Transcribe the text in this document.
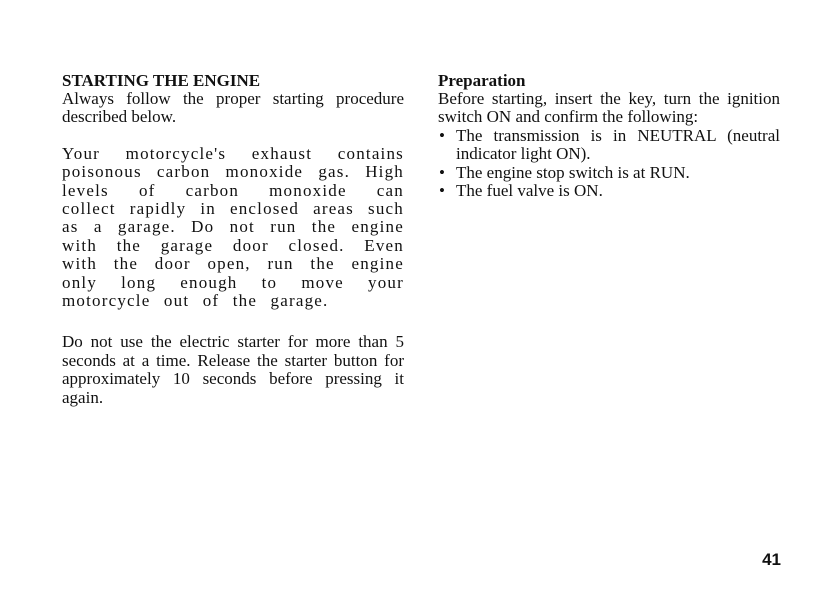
STARTING THE ENGINE

Always follow the proper starting procedure described below.

Your motorcycle's exhaust contains poisonous carbon monoxide gas. High levels of carbon monoxide can collect rapidly in enclosed areas such as a garage. Do not run the engine with the garage door closed. Even with the door open, run the engine only long enough to move your motorcycle out of the garage.

Do not use the electric starter for more than 5 seconds at a time. Release the starter button for approximately 10 seconds before pressing it again.

Preparation

Before starting, insert the key, turn the ignition switch ON and confirm the following:

• The transmission is in NEUTRAL (neutral indicator light ON).
• The engine stop switch is at RUN.
• The fuel valve is ON.
41
